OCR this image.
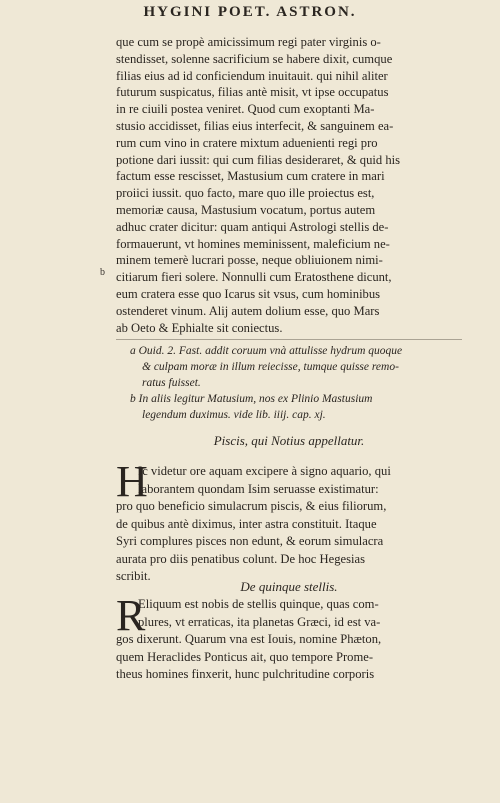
HYGINI POET. ASTRON.
que cum se propè amicissimum regi pater virginis o-
stendisset, solenne sacrificium se habere dixit, cumque
filias eius ad id conficiendum inuitauit. qui nihil aliter
futurum suspicatus, filias antè misit, vt ipse occupatus
in re ciuili postea veniret. Quod cum exoptanti Ma-
stusio accidisset, filias eius interfecit, & sanguinem ea-
rum cum vino in cratere mixtum aduenienti regi pro
potione dari iussit: qui cum filias desideraret, & quid his
factum esse rescisset, Mastusium cum cratere in mari
proiici iussit. quo facto, mare quo ille proiectus est,
memoriæ causa, Mastusium vocatum, portus autem
adhuc crater dicitur: quam antiqui Astrologi stellis de-
formauerunt, vt homines meminissent, maleficium ne-
minem temerè lucrari posse, neque obliuionem nimi-
citiarum fieri solere. Nonnulli cum Eratosthene dicunt,
eum cratera esse quo Icarus sit vsus, cum hominibus
ostenderet vinum. Alij autem dolium esse, quo Mars
ab Oeto & Ephialte sit coniectus.
b
a Ouid. 2. Fast. addit coruum vnà attulisse hydrum quoque
& culpam moræ in illum reiecisse, tumque quisse remo-
ratus fuisset.
b In aliis legitur Matusium, nos ex Plinio Mastusium
legendum duximus. vide lib. iiij. cap. xj.
Piscis, qui Notius appellatur.
H
Ic videtur ore aquam excipere à signo aquario, qui
laborantem quondam Isim seruasse existimatur:
pro quo beneficio simulacrum piscis, & eius filiorum,
de quibus antè diximus, inter astra constituit. Itaque
Syri complures pisces non edunt, & eorum simulacra
aurata pro diis penatibus colunt. De hoc Hegesias
scribit.
De quinque stellis.
R
Eliquum est nobis de stellis quinque, quas com-
plures, vt erraticas, ita planetas Græci, id est va-
gos dixerunt. Quarum vna est Iouis, nomine Phæton,
quem Heraclides Ponticus ait, quo tempore Prome-
theus homines finxerit, hunc pulchritudine corporis
